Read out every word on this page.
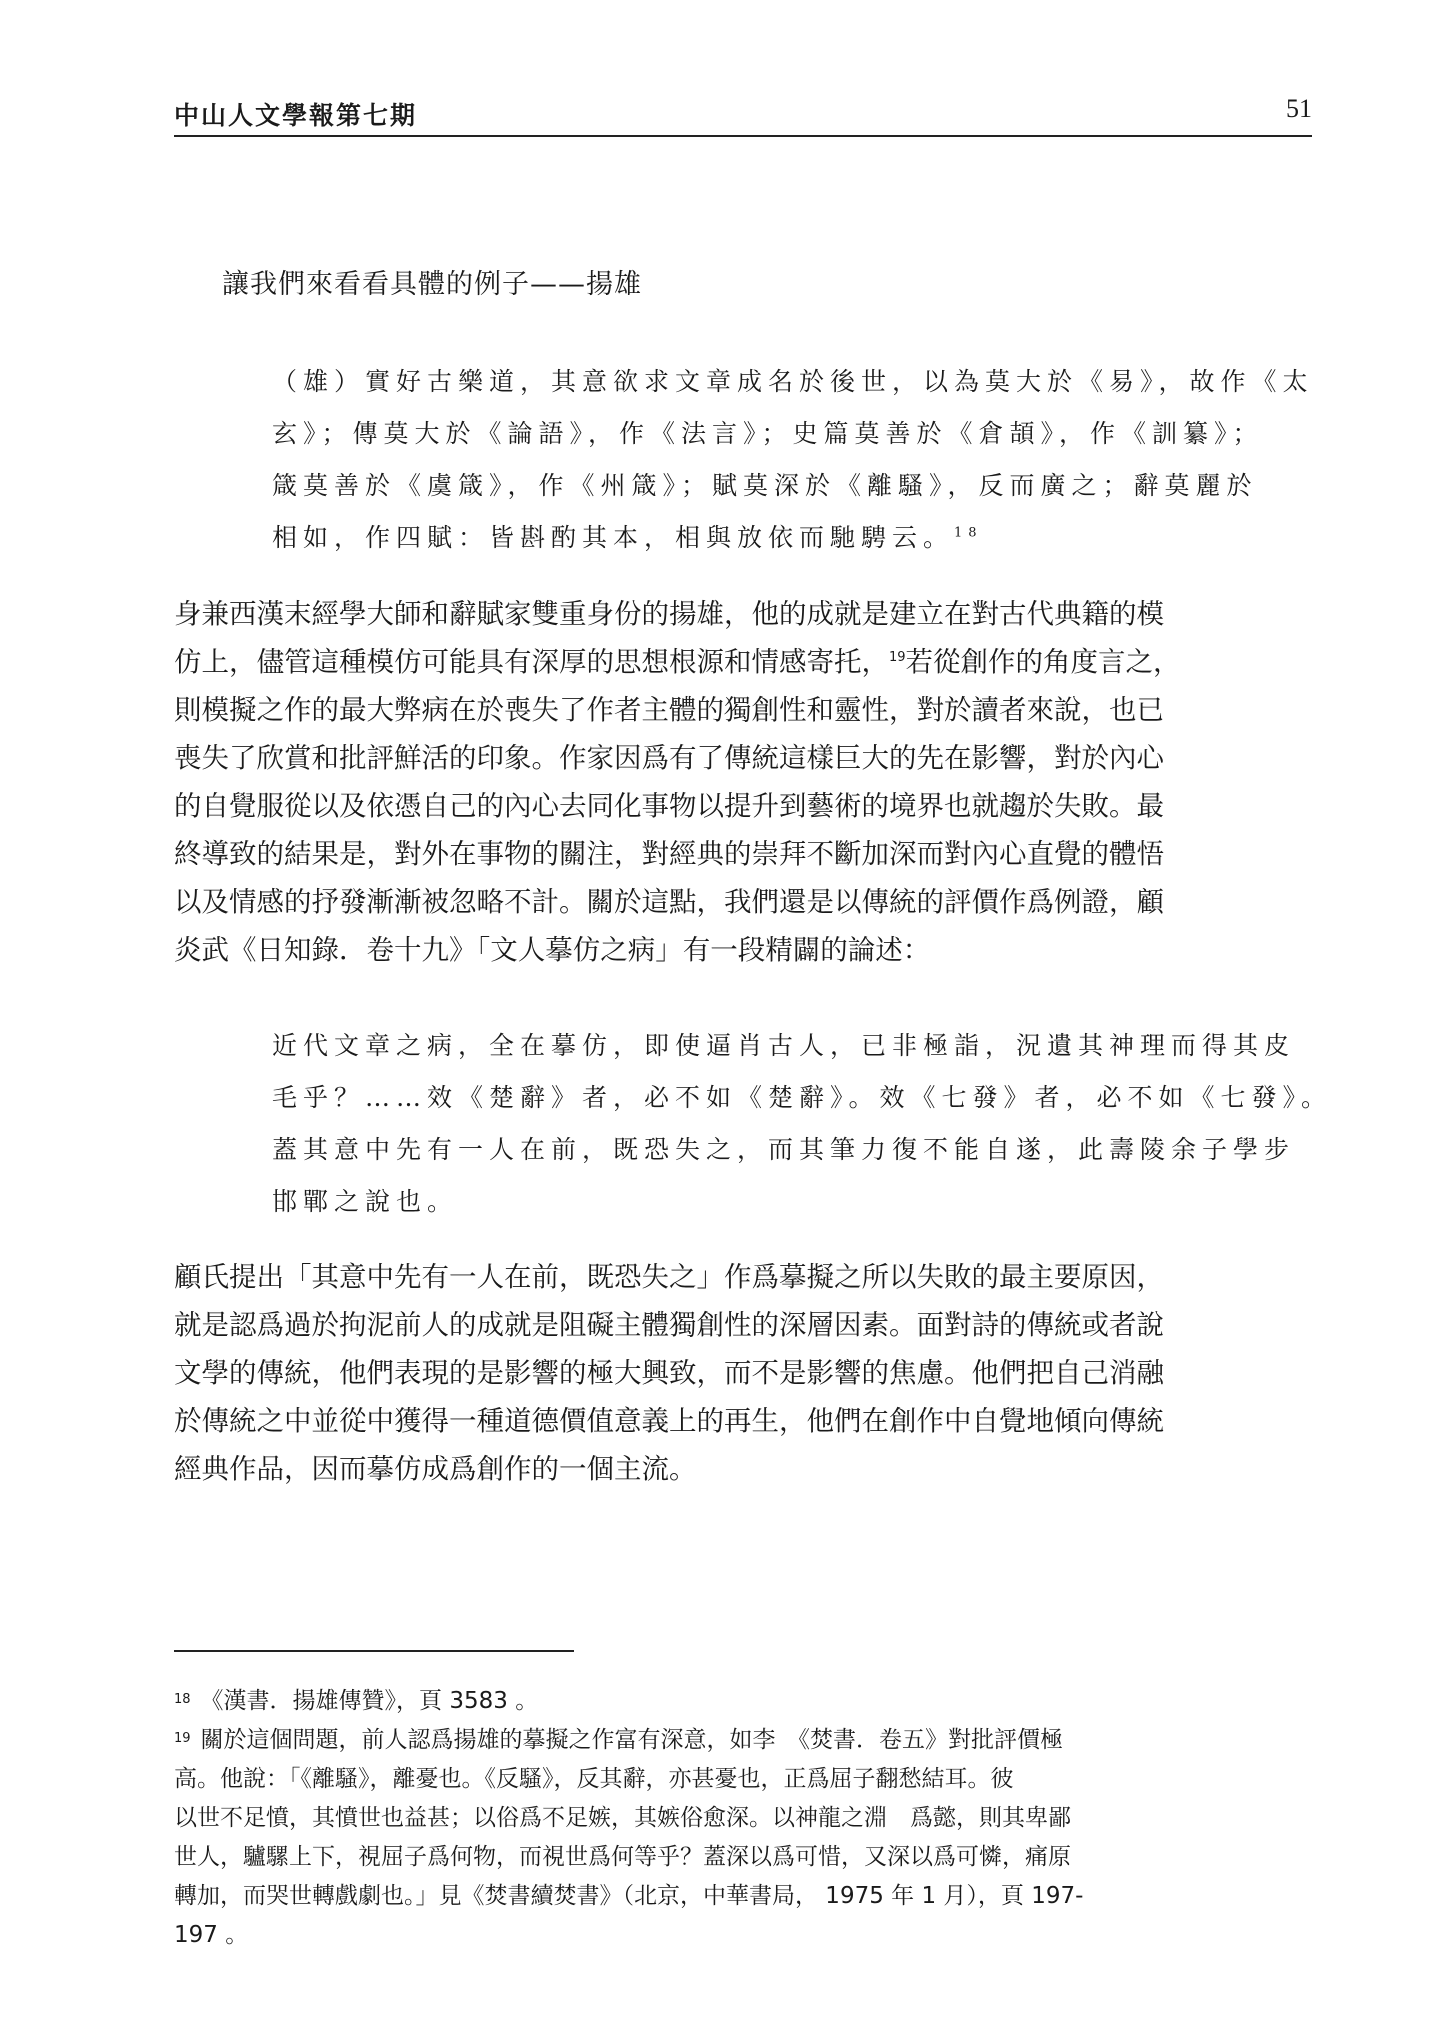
中山人文學報第七期	51
讓我們來看看具體的例子——揚雄

（雄）實好古樂道，其意欲求文章成名於後世，以為莫大於《易》，故作《太

玄》；傳莫大於《論語》，作《法言》；史篇莫善於《倉頡》，作《訓纂》；

箴莫善於《虞箴》，作《州箴》；賦莫深於《離騷》，反而廣之；辭莫麗於

相如，作四賦：皆斟酌其本，相與放依而馳騁云。$^{18}$

身兼西漢末經學大師和辭賦家雙重身份的揚雄，他的成就是建立在對古代典籍的模

仿上，儘管這種模仿可能具有深厚的思想根源和情感寄托，$^{19}$若從創作的角度言之，

則模擬之作的最大弊病在於喪失了作者主體的獨創性和靈性，對於讀者來說，也已

喪失了欣賞和批評鮮活的印象。作家因爲有了傳統這樣巨大的先在影響，對於內心

的自覺服從以及依憑自己的內心去同化事物以提升到藝術的境界也就趨於失敗。最

終導致的結果是，對外在事物的關注，對經典的崇拜不斷加深而對內心直覺的體悟

以及情感的抒發漸漸被忽略不計。關於這點，我們還是以傳統的評價作爲例證，顧

炎武《日知錄．卷十九》「文人摹仿之病」有一段精闢的論述：

近代文章之病，全在摹仿，即使逼肖古人，已非極詣，況遺其神理而得其皮

毛乎？……效《楚辭》者，必不如《楚辭》。效《七發》者，必不如《七發》。

蓋其意中先有一人在前，既恐失之，而其筆力復不能自遂，此壽陵余子學步

邯鄲之說也。

顧氏提出「其意中先有一人在前，既恐失之」作爲摹擬之所以失敗的最主要原因，

就是認爲過於拘泥前人的成就是阻礙主體獨創性的深層因素。面對詩的傳統或者說

文學的傳統，他們表現的是影響的極大興致，而不是影響的焦慮。他們把自己消融

於傳統之中並從中獲得一種道德價值意義上的再生，他們在創作中自覺地傾向傳統

經典作品，因而摹仿成爲創作的一個主流。

$^{18}$ 《漢書．揚雄傳贊》，頁 3583 。

$^{19}$ 關於這個問題，前人認爲揚雄的摹擬之作富有深意，如李　《焚書．卷五》對批評價極

高。他說：「《離騷》，離憂也。《反騷》，反其辭，亦甚憂也，正爲屈子翻愁結耳。彼

以世不足憤，其憤世也益甚；以俗爲不足嫉，其嫉俗愈深。以神龍之淵　爲懿，則其卑鄙

世人，驢騾上下，視屈子爲何物，而視世爲何等乎？蓋深以爲可惜，又深以爲可憐，痛原

轉加，而哭世轉戲劇也。」見《焚書續焚書》（北京，中華書局， 1975 年 1 月），頁 197-

197 。
